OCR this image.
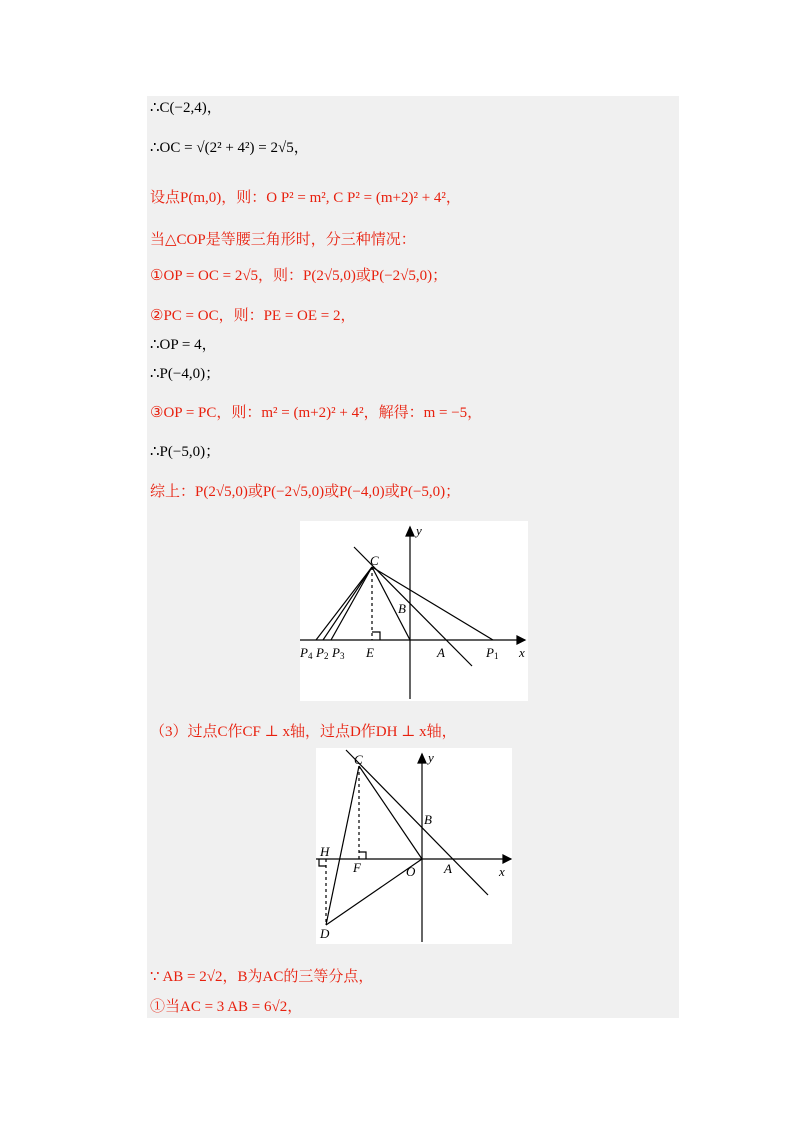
∴C(−2,4)，
∴OC = √(2² + 4²) = 2√5，
设点P(m,0)，则：O P² = m², C P² = (m+2)² + 4²，
当△COP是等腰三角形时，分三种情况：
①OP = OC = 2√5，则：P(2√5,0)或P(−2√5,0)；
②PC = OC，则：PE = OE = 2，
∴OP = 4，
∴P(−4,0)；
③OP = PC，则：m² = (m+2)² + 4²，解得：m = −5，
∴P(−5,0)；
综上：P(2√5,0)或P(−2√5,0)或P(−4,0)或P(−5,0)；
y
x
C
B
E	A
P4 P2 P3	P1
（3）过点C作CF ⊥ x轴，过点D作DH ⊥ x轴，
y
x
C
B
H
F	O A
D
∵ AB = 2√2，B为AC的三等分点，
①当AC = 3 AB = 6√2，
